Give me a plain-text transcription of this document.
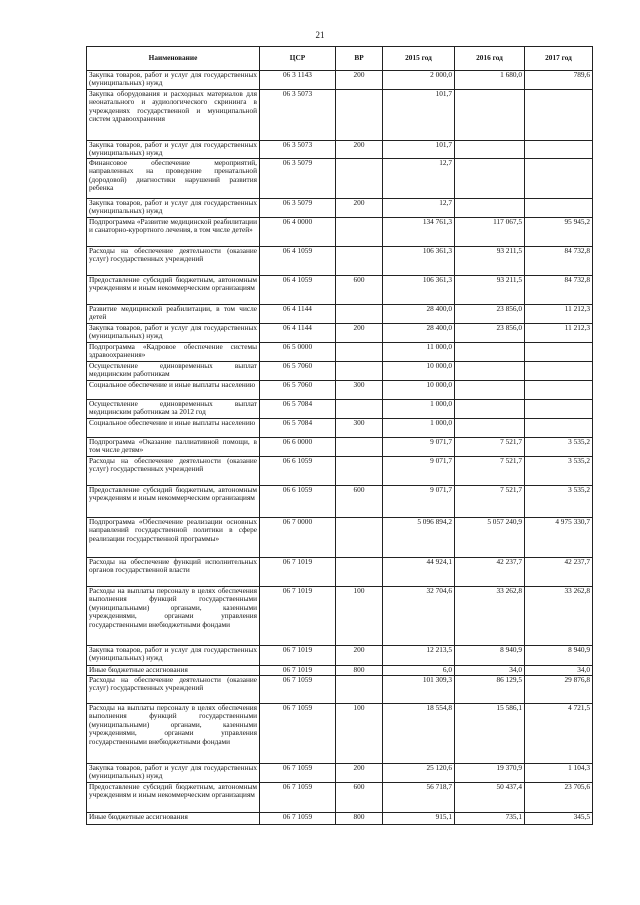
21
Наименование	ЦСР	ВР	2015 год	2016 год	2017 год
Закупка товаров, работ и услуг для государственных (муниципальных) нужд	06 3 1143	200	2 000,0	1 680,0	789,6
Закупка оборудования и расходных материалов для неонатального и аудиологического скрининга в учреждениях государственной и муниципальной систем здравоохранения	06 3 5073		101,7		
Закупка товаров, работ и услуг для государственных (муниципальных) нужд	06 3 5073	200	101,7		
Финансовое обеспечение мероприятий, направленных на проведение пренатальной (дородовой) диагностики нарушений развития ребенка	06 3 5079		12,7		
Закупка товаров, работ и услуг для государственных (муниципальных) нужд	06 3 5079	200	12,7		
Подпрограмма «Развитие медицинской реабилитации и санаторно-курортного лечения, в том числе детей»	06 4 0000		134 761,3	117 067,5	95 945,2
Расходы на обеспечение деятельности (оказание услуг) государственных учреждений	06 4 1059		106 361,3	93 211,5	84 732,8
Предоставление субсидий бюджетным, автономным учреждениям и иным некоммерческим организациям	06 4 1059	600	106 361,3	93 211,5	84 732,8
Развитие медицинской реабилитации, в том числе детей	06 4 1144		28 400,0	23 856,0	11 212,3
Закупка товаров, работ и услуг для государственных (муниципальных) нужд	06 4 1144	200	28 400,0	23 856,0	11 212,3
Подпрограмма «Кадровое обеспечение системы здравоохранения»	06 5 0000		11 000,0		
Осуществление единовременных выплат медицинским работникам	06 5 7060		10 000,0		
Социальное обеспечение и иные выплаты населению	06 5 7060	300	10 000,0		
Осуществление единовременных выплат медицинским работникам за 2012 год	06 5 7084		1 000,0		
Социальное обеспечение и иные выплаты населению	06 5 7084	300	1 000,0		
Подпрограмма «Оказание паллиативной помощи, в том числе детям»	06 6 0000		9 071,7	7 521,7	3 535,2
Расходы на обеспечение деятельности (оказание услуг) государственных учреждений	06 6 1059		9 071,7	7 521,7	3 535,2
Предоставление субсидий бюджетным, автономным учреждениям и иным некоммерческим организациям	06 6 1059	600	9 071,7	7 521,7	3 535,2
Подпрограмма «Обеспечение реализации основных направлений государственной политики в сфере реализации государственной программы»	06 7 0000		5 096 894,2	5 057 240,9	4 975 330,7
Расходы на обеспечение функций исполнительных органов государственной власти	06 7 1019		44 924,1	42 237,7	42 237,7
Расходы на выплаты персоналу в целях обеспечения выполнения функций государственными (муниципальными) органами, казенными учреждениями, органами управления государственными внебюджетными фондами	06 7 1019	100	32 704,6	33 262,8	33 262,8
Закупка товаров, работ и услуг для государственных (муниципальных) нужд	06 7 1019	200	12 213,5	8 940,9	8 940,9
Иные бюджетные ассигнования	06 7 1019	800	6,0	34,0	34,0
Расходы на обеспечение деятельности (оказание услуг) государственных учреждений	06 7 1059		101 309,3	86 129,5	29 876,8
Расходы на выплаты персоналу в целях обеспечения выполнения функций государственными (муниципальными) органами, казенными учреждениями, органами управления государственными внебюджетными фондами	06 7 1059	100	18 554,8	15 586,1	4 721,5
Закупка товаров, работ и услуг для государственных (муниципальных) нужд	06 7 1059	200	25 120,6	19 370,9	1 104,3
Предоставление субсидий бюджетным, автономным учреждениям и иным некоммерческим организациям	06 7 1059	600	56 718,7	50 437,4	23 705,6
Иные бюджетные ассигнования	06 7 1059	800	915,1	735,1	345,5
